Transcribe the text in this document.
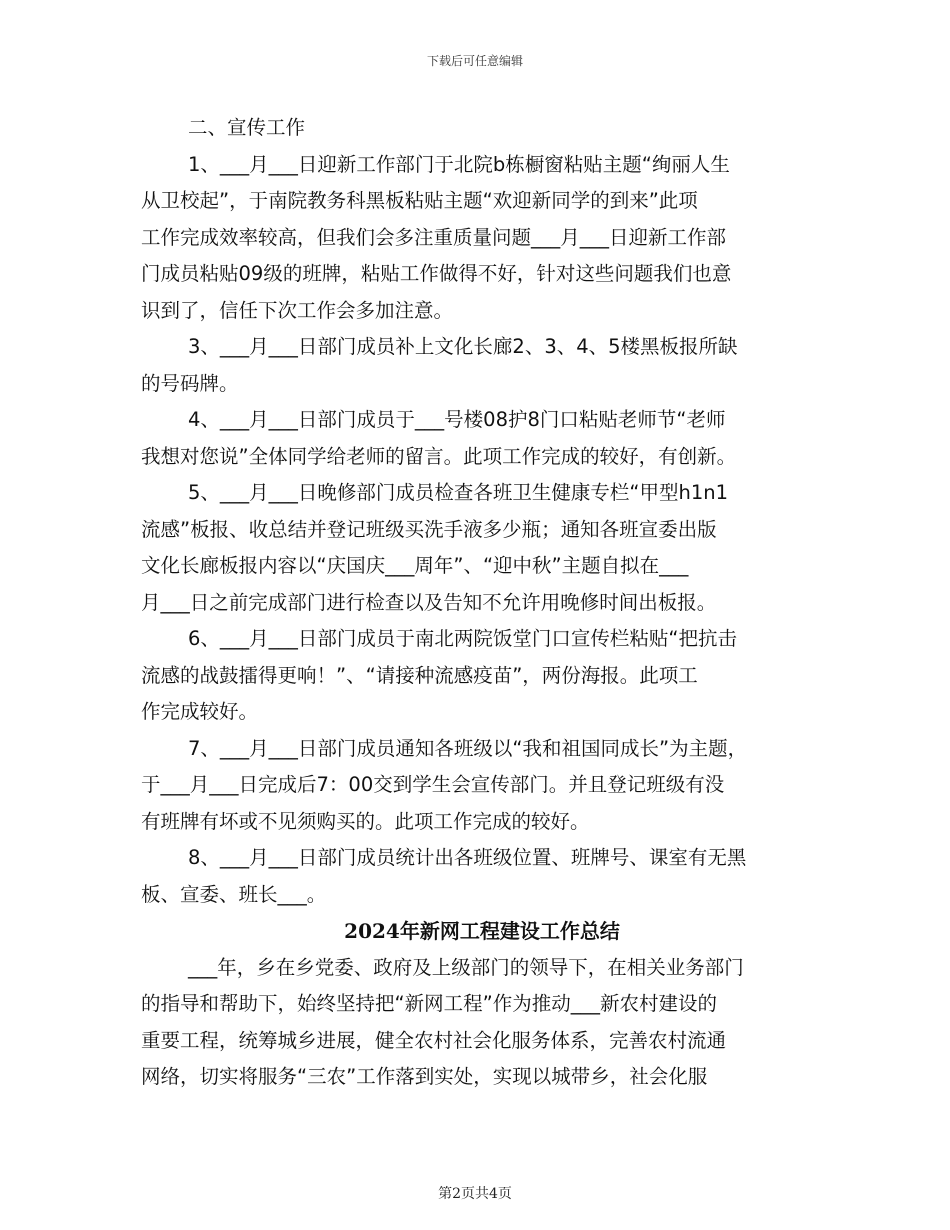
下载后可任意编辑
二、宣传工作
1、___月___日迎新工作部门于北院b栋橱窗粘贴主题“绚丽人生
从卫校起”，于南院教务科黑板粘贴主题“欢迎新同学的到来”此项
工作完成效率较高，但我们会多注重质量问题___月___日迎新工作部
门成员粘贴09级的班牌，粘贴工作做得不好，针对这些问题我们也意
识到了，信任下次工作会多加注意。
3、___月___日部门成员补上文化长廊2、3、4、5楼黑板报所缺
的号码牌。
4、___月___日部门成员于___号楼08护8门口粘贴老师节“老师
我想对您说”全体同学给老师的留言。此项工作完成的较好，有创新。
5、___月___日晚修部门成员检查各班卫生健康专栏“甲型h1n1
流感”板报、收总结并登记班级买洗手液多少瓶；通知各班宣委出版
文化长廊板报内容以“庆国庆___周年”、“迎中秋”主题自拟在___
月___日之前完成部门进行检查以及告知不允许用晚修时间出板报。
6、___月___日部门成员于南北两院饭堂门口宣传栏粘贴“把抗击
流感的战鼓擂得更响！”、“请接种流感疫苗”，两份海报。此项工
作完成较好。
7、___月___日部门成员通知各班级以“我和祖国同成长”为主题，
于___月___日完成后7：00交到学生会宣传部门。并且登记班级有没
有班牌有坏或不见须购买的。此项工作完成的较好。
8、___月___日部门成员统计出各班级位置、班牌号、课室有无黑
板、宣委、班长___。
2024年新网工程建设工作总结
___年，乡在乡党委、政府及上级部门的领导下，在相关业务部门
的指导和帮助下，始终坚持把“新网工程”作为推动___新农村建设的
重要工程，统筹城乡进展，健全农村社会化服务体系，完善农村流通
网络，切实将服务“三农”工作落到实处，实现以城带乡，社会化服
第2页共4页
